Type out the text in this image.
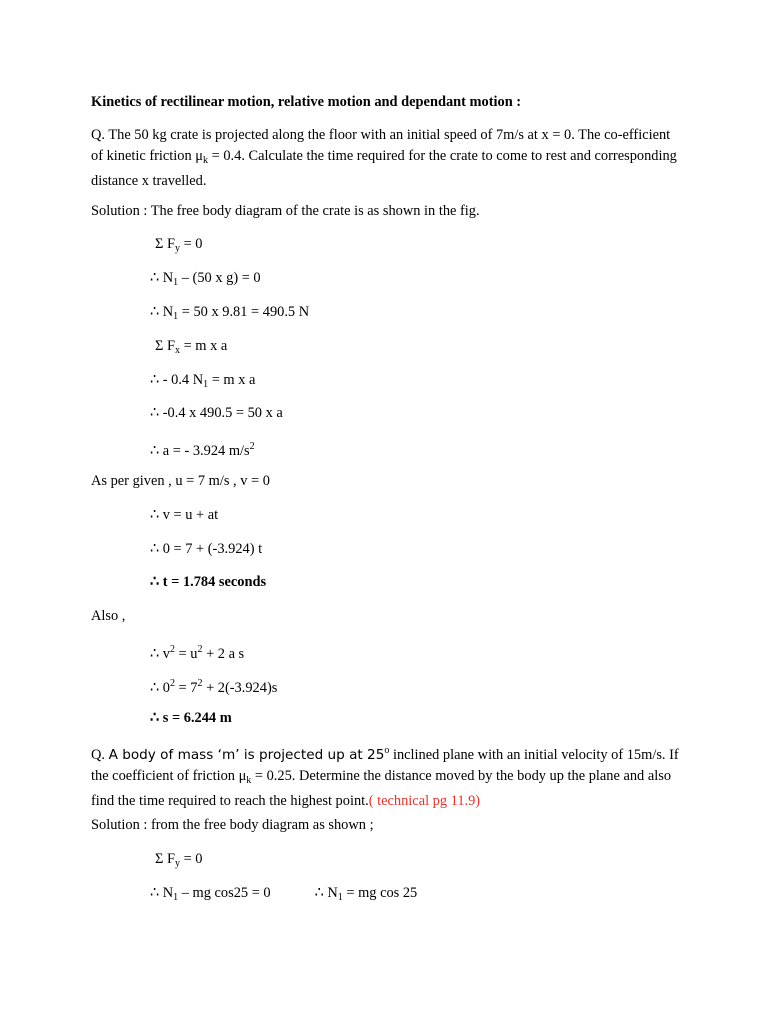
Kinetics of rectilinear motion, relative motion and dependant motion :
Q. The 50 kg crate is projected along the floor with an initial speed of 7m/s at x = 0. The co-efficient of kinetic friction $\mu_k = 0.4$. Calculate the time required for the crate to come to rest and corresponding distance x travelled.
Solution : The free body diagram of the crate is as shown in the fig.
Σ $F_y = 0$
∴ $N_1 - (50$ x g) = 0
∴ $N_1 = 50$ x 9.81 = 490.5 N
Σ $F_x = m$ x a
∴ - 0.4 $N_1 = m$ x a
∴ -0.4 x 490.5 = 50 x a
∴ a = - 3.924 $m/s^2$
As per given , u = 7 m/s , v = 0
∴ v = u + at
∴ 0 = 7 + (-3.924) t
∴ t = 1.784 seconds
Also ,
∴ $v^2 = u^2 + 2$ a s
∴ $0^2 = 7^2 + 2(-3.924)s$
∴ s = 6.244 m
Q. A body of mass ‘m’ is projected up at 25$^o$ inclined plane with an initial velocity of 15m/s. If the coefficient of friction $\mu_k = 0.25$. Determine the distance moved by the body up the plane and also find the time required to reach the highest point.( technical pg 11.9)
Solution : from the free body diagram as shown ;
Σ $F_y = 0$
∴ $N_1$ – mg cos25 = 0	∴ $N_1$ = mg cos 25
